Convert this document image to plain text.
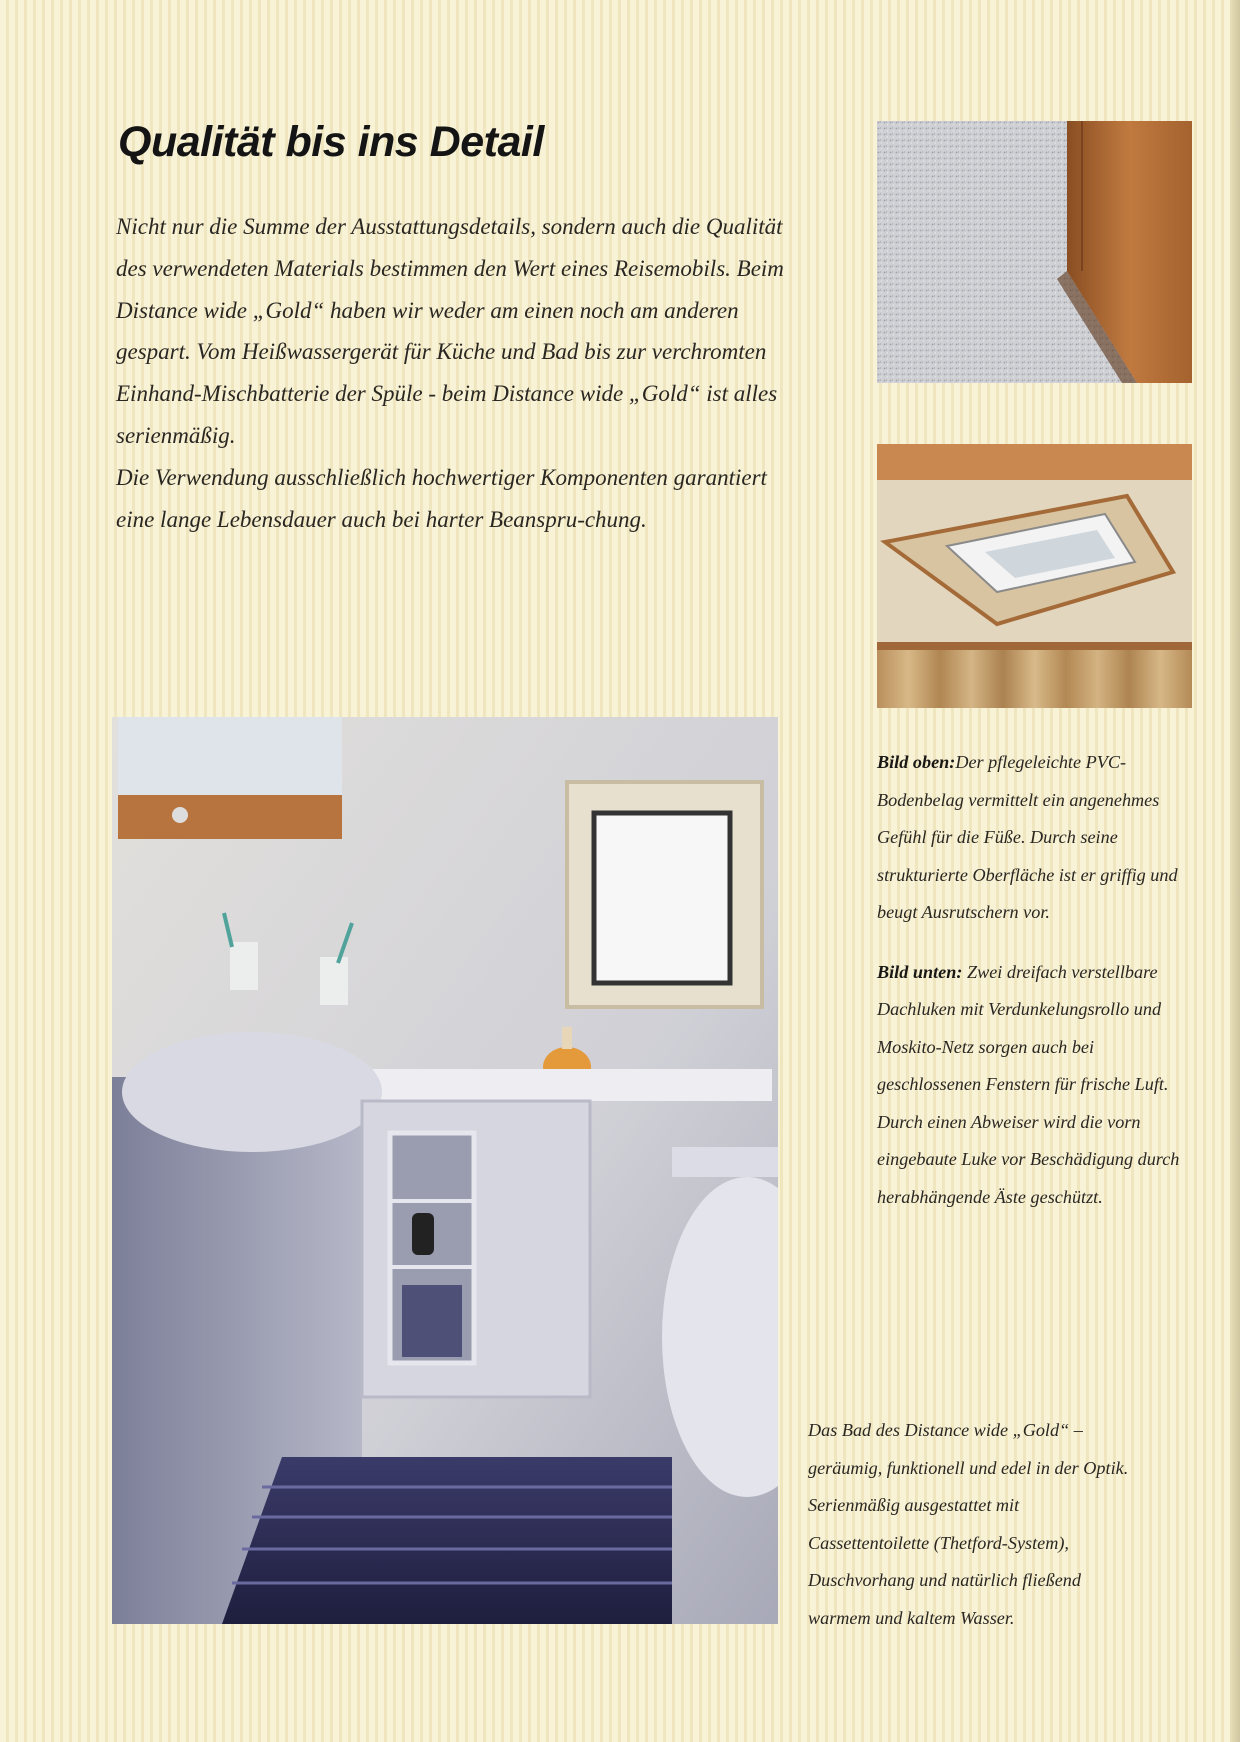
Qualität bis ins Detail

Nicht nur die Summe der Ausstattungsdetails, sondern auch die Qualität des verwendeten Materials bestimmen den Wert eines Reisemobils. Beim Distance wide „Gold“ haben wir weder am einen noch am anderen gespart. Vom Heißwassergerät für Küche und Bad bis zur verchromten Einhand-Mischbatterie der Spüle - beim Distance wide „Gold“ ist alles serienmäßig.

Die Verwendung ausschließlich hochwertiger Komponenten garantiert eine lange Lebensdauer auch bei harter Beanspru-chung.

Bild oben:Der pflegeleichte PVC-Bodenbelag vermittelt ein angenehmes Gefühl für die Füße. Durch seine strukturierte Oberfläche ist er griffig und beugt Ausrutschern vor.

Bild unten: Zwei dreifach verstellbare Dachluken mit Verdunkelungsrollo und Moskito-Netz sorgen auch bei geschlossenen Fenstern für frische Luft. Durch einen Abweiser wird die vorn eingebaute Luke vor Beschädigung durch herabhängende Äste geschützt.

Das Bad des Distance wide „Gold“ – geräumig, funktionell und edel in der Optik. Serienmäßig ausgestattet mit Cassettentoilette (Thetford-System), Duschvorhang und natürlich fließend warmem und kaltem Wasser.
